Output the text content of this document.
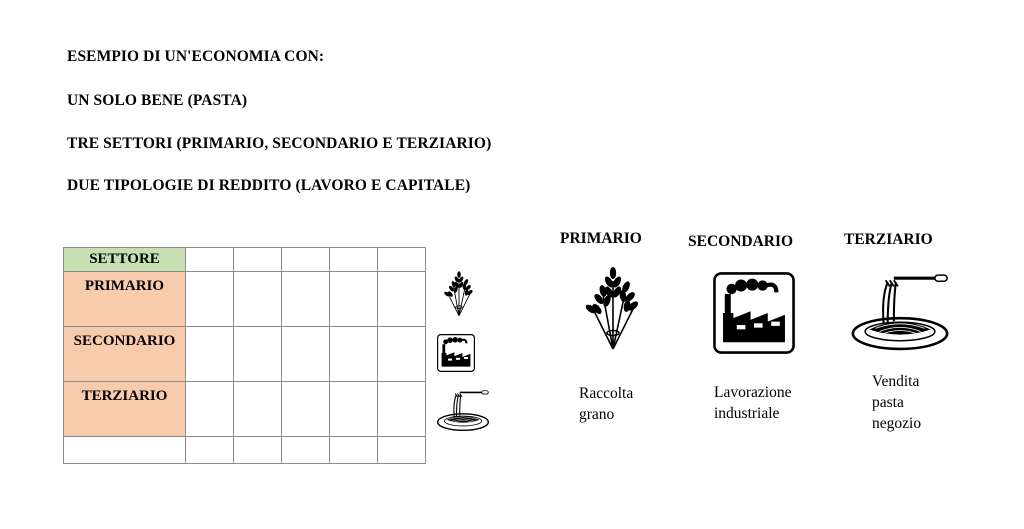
ESEMPIO DI UN'ECONOMIA CON:
UN SOLO BENE (PASTA)
TRE SETTORI (PRIMARIO, SECONDARIO E TERZIARIO)
DUE TIPOLOGIE DI REDDITO (LAVORO E CAPITALE)
SETTORE					
PRIMARIO					
SECONDARIO					
TERZIARIO					

PRIMARIO	SECONDARIO	TERZIARIO
Raccolta
grano
Lavorazione
industriale
Vendita
pasta
negozio
